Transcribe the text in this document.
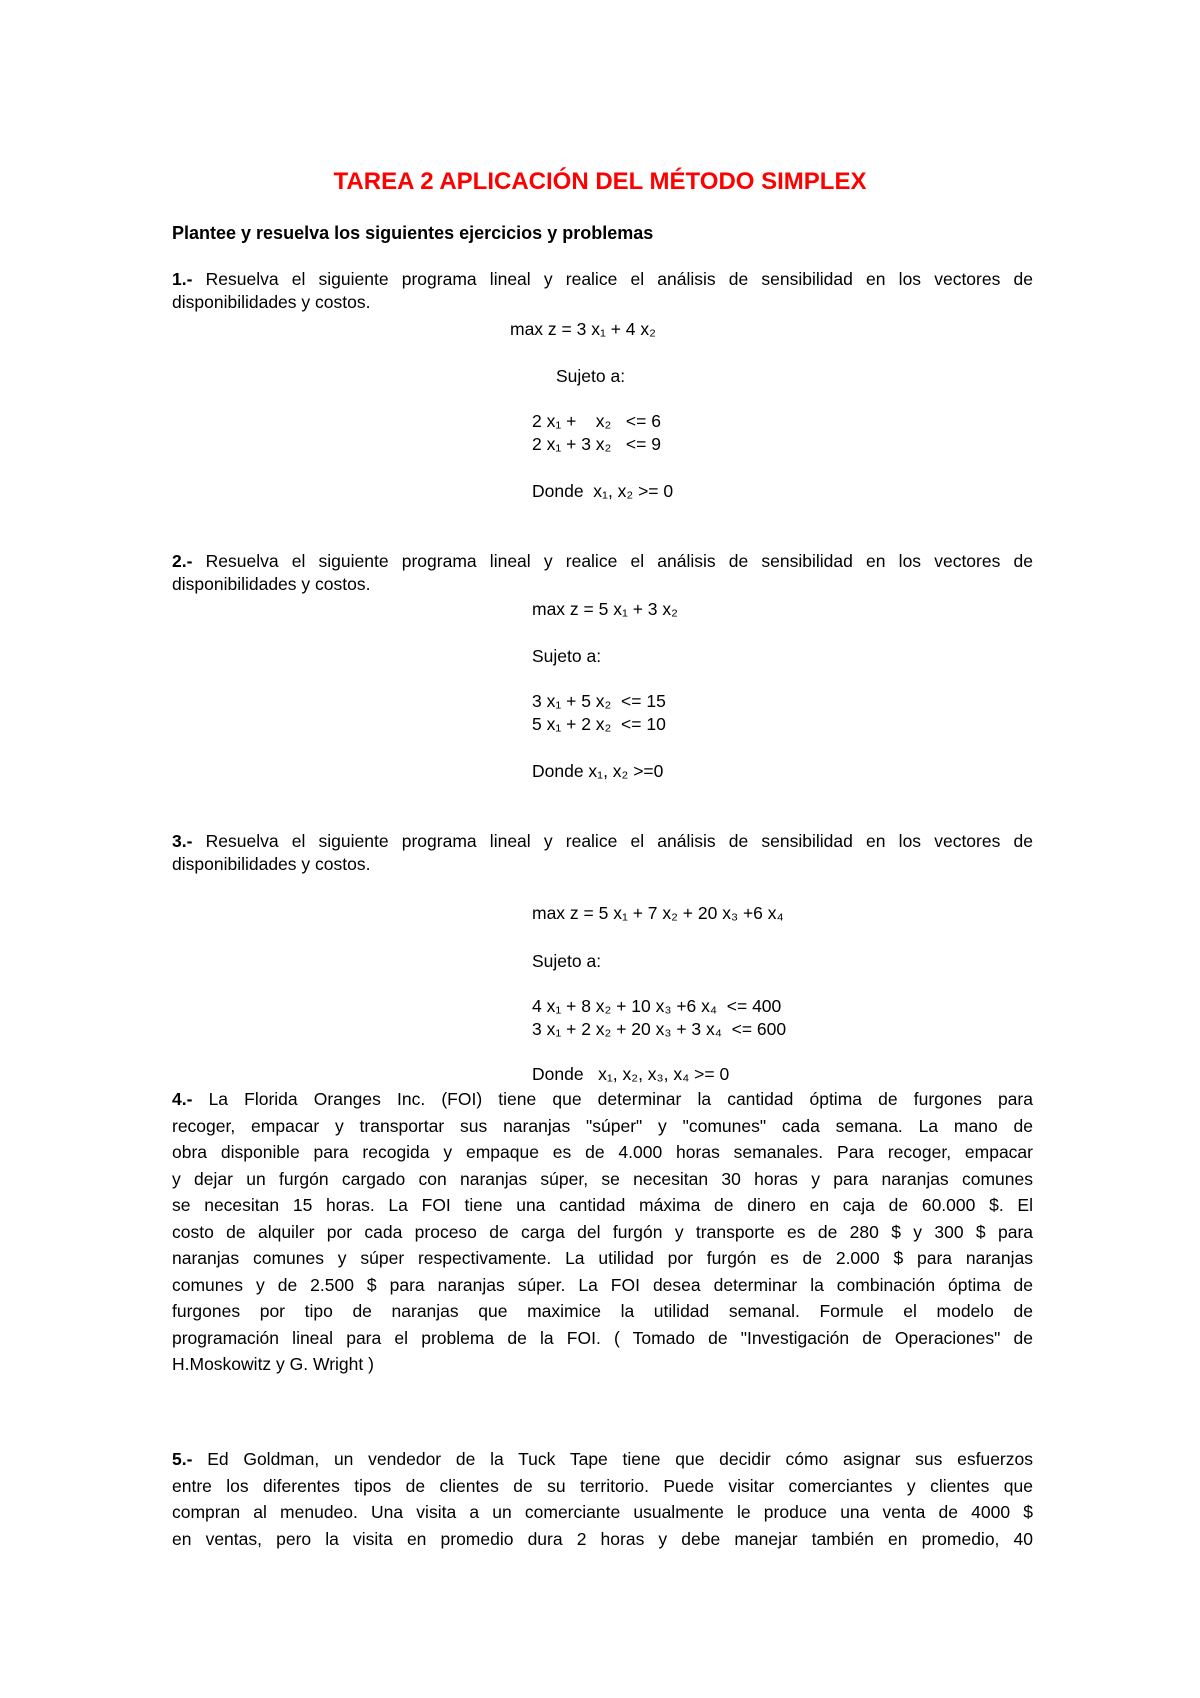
TAREA 2 APLICACIÓN DEL MÉTODO SIMPLEX
Plantee y resuelva los siguientes ejercicios y problemas
1.- Resuelva el siguiente programa lineal y realice el análisis de sensibilidad en los vectores de disponibilidades y costos.
max z = 3 x₁ + 4 x₂
Sujeto a:
2 x₁ +    x₂   <= 6
2 x₁ + 3 x₂   <= 9
Donde  x₁, x₂ >= 0
2.- Resuelva el siguiente programa lineal y realice el análisis de sensibilidad en los vectores de disponibilidades y costos.
max z = 5 x₁ + 3 x₂
Sujeto a:
3 x₁ + 5 x₂  <= 15
5 x₁ + 2 x₂  <= 10
Donde x₁, x₂ >=0
3.- Resuelva el siguiente programa lineal y realice el análisis de sensibilidad en los vectores de disponibilidades y costos.
max z = 5 x₁ + 7 x₂ + 20 x₃ +6 x₄
Sujeto a:
4 x₁ + 8 x₂ + 10 x₃ +6 x₄  <= 400
3 x₁ + 2 x₂ + 20 x₃ + 3 x₄  <= 600
Donde   x₁, x₂, x₃, x₄ >= 0
4.- La Florida Oranges Inc. (FOI) tiene que determinar la cantidad óptima de furgones para
recoger, empacar y transportar sus naranjas "súper" y "comunes" cada semana. La mano de
obra disponible para recogida y empaque es de 4.000 horas semanales. Para recoger, empacar
y dejar un furgón cargado con naranjas súper, se necesitan 30 horas y para naranjas comunes
se necesitan 15 horas. La FOI tiene una cantidad máxima de dinero en caja de 60.000 $. El
costo de alquiler por cada proceso de carga del furgón y transporte es de 280 $ y 300 $ para
naranjas comunes y súper respectivamente. La utilidad por furgón es de 2.000 $ para naranjas
comunes y de 2.500 $ para naranjas súper. La FOI desea determinar la combinación óptima de
furgones por tipo de naranjas que maximice la utilidad semanal. Formule el modelo de
programación lineal para el problema de la FOI. ( Tomado de "Investigación de Operaciones" de
H.Moskowitz y G. Wright )
5.- Ed Goldman, un vendedor de la Tuck Tape tiene que decidir cómo asignar sus esfuerzos
entre los diferentes tipos de clientes de su territorio. Puede visitar comerciantes y clientes que
compran al menudeo. Una visita a un comerciante usualmente le produce una venta de 4000 $
en ventas, pero la visita en promedio dura 2 horas y debe manejar también en promedio, 40
